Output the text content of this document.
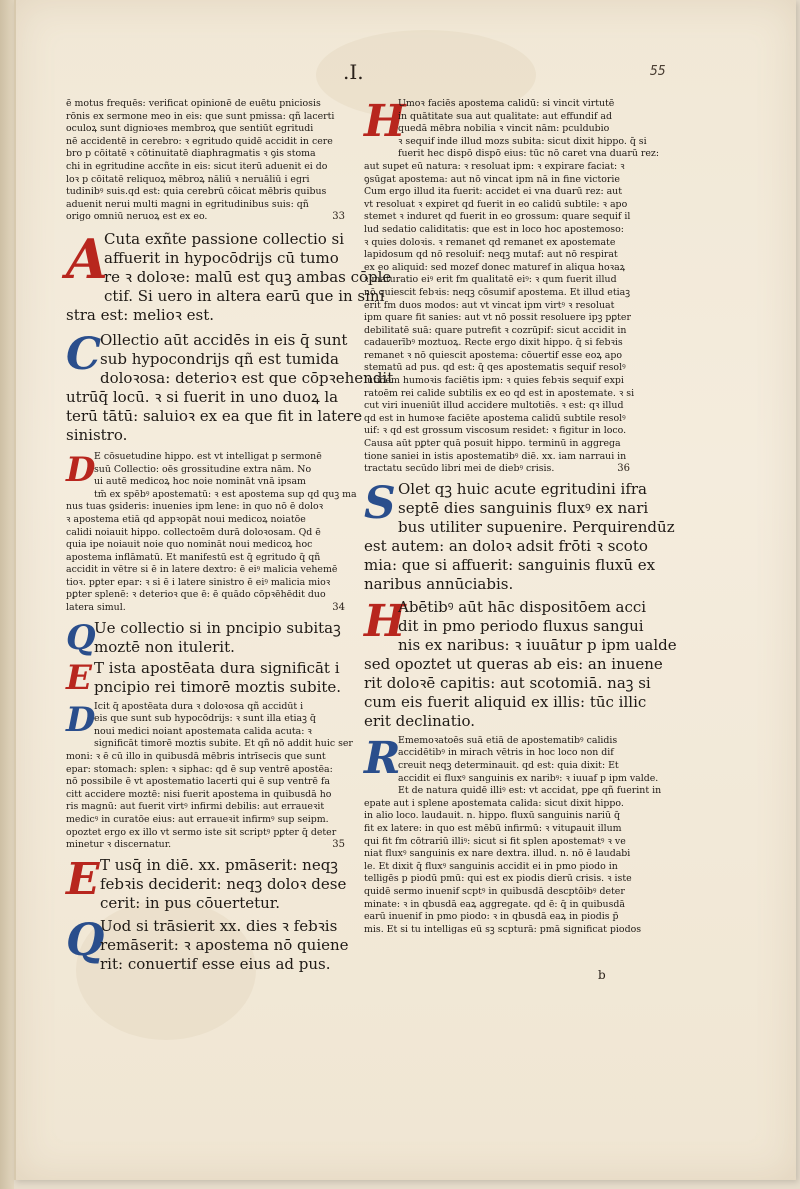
.I.	55
ē motus frequēs: verificat opinionē de euētu pniciosis
rōnis ex sermone meo in eis: que sunt pmissa: qñ lacerti
oculoꝝ sunt dignioꝛes membroꝝ que sentiūt egritudi
nē accidentē in cerebro: ꝛ egritudo quidē accidit in cere
bro p cōitatē ꝛ cōtinuitatē diaphragmatis ꝛ ꝯis stoma
chi in egritudine accñte in eis: sicut iterū aduenit ei do
loꝛ p cōitatē reliquoꝝ mēbroꝝ nāliū ꝛ neruāliū i egri
tudinibꝰ suis.qd est: quia cerebrū cōicat mēbris quibus
aduenit nerui multi magni in egritudinibus suis: qñ
origo omniū neruoꝝ est ex eo.	33
A
Cuta exñte passione collectio si
affuerit in hypocōdrijs cū tumo
re ꝛ doloꝛe: malū est quꝫ ambas cōple
ctif. Si uero in altera earū que in sini
stra est: melioꝛ est.
C
Ollectio aūt accidēs in eis q̄ sunt
sub hypocondrijs qñ est tumida
doloꝛosa: deterioꝛ est que cōpꝛehendit
utrūq̄ locū. ꝛ si fuerit in uno duoꝝ la
terū tātū: saluioꝛ ex ea que fit in latere
sinistro.
D
E cōsuetudine hippo. est vt intelligat p sermonē
suū Collectio: oēs grossitudine extra nām. No
ui autē medicoꝝ hoc noie nomināt vnā ipsam
tm̄ ex spēbꝰ apostematū: ꝛ est apostema sup qd quꝫ ma
nus tuas ꝯsideris: inuenies ipm lene: in quo nō ē doloꝛ
ꝛ apostema etiā qd appꝛopāt noui medicoꝝ noiatōe
calidi noiauit hippo. collectoēm durā doloꝛosam. Qd ē
quia ipe noiauit noie quo nomināt noui medicoꝝ hoc
apostema inflāmatū. Et manifestū est q̄ egritudo q̄ qñ
accidit in vētre si ē in latere dextro: ē eiꝰ malicia vehemē
tioꝛ. pꝑter epar: ꝛ si ē i latere sinistro ē eiꝰ malicia mioꝛ
pꝑter splenē: ꝛ deterioꝛ que ē: ē quādo cōpꝛēhēdit duo
latera simul.	34
Q
Ue collectio si in pncipio subitaꝫ
moztē non itulerit.
E T ista apostēata dura significāt i
pncipio rei timorē moztis subite.
D
Icit q̄ apostēata dura ꝛ doloꝛosa qñ accidūt i
eis que sunt sub hypocōdrijs: ꝛ sunt illa etiaꝫ q̄
noui medici noiant apostemata calida acuta: ꝛ
significāt timorē moztis subite. Et qñ nō addit huic ser
moni: ꝛ ē cū illo in quibusdā mēbris intrīsecis que sunt
epar: stomach: splen: ꝛ siphac: qd ē sup ventrē apostēa:
nō possibile ē vt apostematio lacerti qui ē sup ventrē fa
citt accidere moztē: nisi fuerit apostema in quibusdā ho
ris magnū: aut fuerit virtꝰ infirmi debilis: aut erraueꝛit
medicꝰ in curatōe eius: aut erraueꝛit infirmꝰ sup seipm.
opoztet ergo ex illo vt sermo iste sit scriptꝰ pꝑter q̄ deter
minetur ꝛ discernatur.	35
E T usq̄ in diē. xx. pmāserit: neqꝫ
febꝛis deciderit: neqꝫ doloꝛ dese
cerit: in pus cōuertetur.
Q
Uod si trāsierit xx. dies ꝛ febꝛis
remāserit: ꝛ apostema nō quiene
rit: conuertif esse eius ad pus.
H
Umoꝛ faciēs apostema calidū: si vincit virtutē
in quātitate sua aut qualitate: aut effundif ad
quedā mēbra nobilia ꝛ vincit nām: pculdubio
ꝛ sequif inde illud mozs subita: sicut dixit hippo. q̄ si
fuerit hec dispō dispō eius: tūc nō caret vna duarū rez:
aut supet eū natura: ꝛ resoluat ipm: ꝛ expirare faciat: ꝛ
ꝯsūgat apostema: aut nō vincat ipm nā in fine victorie
Cum ergo illud ita fuerit: accidet ei vna duarū rez: aut
vt resoluat ꝛ expiret qd fuerit in eo calidū subtile: ꝛ apo
stemet ꝛ induret qd fuerit in eo grossum: quare sequif il
lud sedatio caliditatis: que est in loco hoc apostemoso:
ꝛ quies doloꝛis. ꝛ remanet qd remanet ex apostemate
lapidosum qd nō resoluif: neqꝫ mutaf: aut nō respirat
ex eo aliquid: sed mozef donec maturef in aliqua hoꝛaꝝ
ꝛ maturatio eiꝰ erit fm qualitatē eiꝰ: ꝛ qum fuerit illud
nō quiescit febꝛis: neqꝫ cōsumif apostema. Et illud etiaꝫ
erit fm duos modos: aut vt vincat ipm virtꝰ ꝛ resoluat
ipm quare fit sanies: aut vt nō possit resoluere ipꝫ pꝑter
debilitatē suā: quare putrefit ꝛ cozrūpif: sicut accidit in
cadauerībꝰ moztuoꝝ. Recte ergo dixit hippo. q̄ si febꝛis
remanet ꝛ nō quiescit apostema: cōuertif esse eoꝝ apo
stematū ad pus. qd est: q̄ qes apostematis sequif resolꝰ
lutiōem humoꝛis faciētis ipm: ꝛ quies febꝛis sequif expi
ratoēm rei calide subtilis ex eo qd est in apostemate. ꝛ si
cut viri inueniūt illud accidere multotiēs. ꝛ est: qꝛ illud
qd est in humoꝛe faciēte apostema calidū subtile resolꝰ
uif: ꝛ qd est grossum viscosum residet: ꝛ figitur in loco.
Causa aūt pꝑter quā posuit hippo. terminū in aggrega
tione saniei in istis apostematibꝰ diē. xx. iam narraui in
tractatu secūdo libri mei de diebꝰ crisis.	36
S Olet qꝫ huic acute egritudini ifra
septē dies sanguinis fluxꝰ ex nari
bus utiliter supuenire. Perquirendūz
est autem: an doloꝛ adsit frōti ꝛ scoto
mia: que si affuerit: sanguinis fluxū ex
naribus annūciabis.
H
Abētibꝰ aūt hāc dispositōem acci
dit in pmo periodo fluxus sangui
nis ex naribus: ꝛ iuuātur p ipm ualde
sed opoztet ut queras ab eis: an inuene
rit doloꝛē capitis: aut scotomiā. naꝫ si
cum eis fuerit aliquid ex illis: tūc illic
erit declinatio.
R
Ememoꝛatoēs suā etiā de apostematibꝰ calidis
accidētibꝰ in mirach vētris in hoc loco non dif
creuit neqꝫ determinauit. qd est: quia dixit: Et
accidit ei fluxꝰ sanguinis ex naribꝰ: ꝛ iuuaf p ipm valde.
Et de natura quidē illiꝰ est: vt accidat, pꝑe qñ fuerint in
epate aut i splene apostemata calida: sicut dixit hippo.
in alio loco. laudauit. n. hippo. fluxū sanguinis nariū q̄
fit ex latere: in quo est mēbū infirmū: ꝛ vituꝑauit illum
qui fit fm cōtrariū illiꝰ: sicut si fit splen apostematꝰ ꝛ ve
niat fluxꝰ sanguinis ex nare dextra. illud. n. nō ē laudabi
le. Et dixit q̄ fluxꝰ sanguinis accidit ei in pmo piodo in
telligēs p piodū pmū: qui est ex piodis dierū crisis. ꝛ iste
quidē sermo inuenif scptꝰ in quibusdā descptōibꝰ deter
minate: ꝛ in qbusdā eaꝝ aggregate. qd ē: q̄ in quibusdā
earū inuenif in pmo piodo: ꝛ in qbusdā eaꝝ in piodis p̄
mis. Et si tu intelligas eū sꝫ scpturā: pmā significat piodos
b
